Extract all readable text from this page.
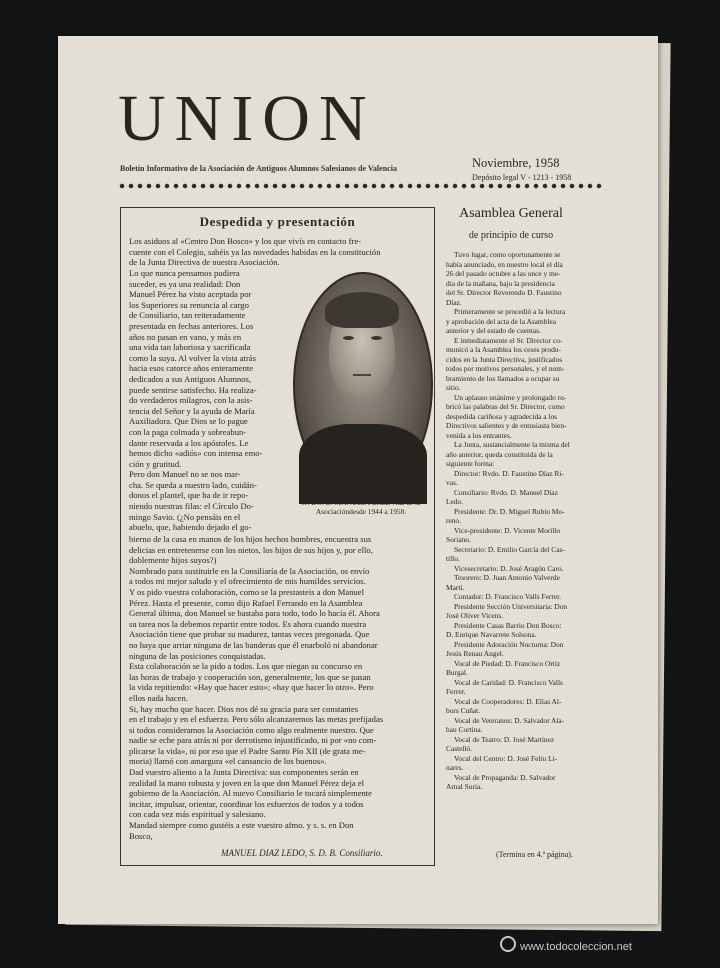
UNION
Boletín Informativo de la Asociación de Antiguos Alumnos Salesianos de Valencia	Noviembre, 1958
Depósito legal V - 1213 - 1958
Despedida y presentación
Los asiduos al «Centro Don Bosco» y los que vivís en contacto fre-
cuente con el Colegio, sabéis ya las novedades habidas en la constitución
de la Junta Directiva de nuestra Asociación.
Lo que nunca pensamos pudiera
suceder, es ya una realidad: Don
Manuel Pérez ha visto aceptada por
los Superiores su renuncia al cargo
de Consiliario, tan reiteradamente
presentada en fechas anteriores. Los
años no pasan en vano, y más en
una vida tan laboriosa y sacrificada
como la suya. Al volver la vista atrás
hacia esos catorce años enteramente
dedicados a sus Antiguos Alumnos,
puede sentirse satisfecho. Ha realiza-
do verdaderos milagros, con la asis-
tencia del Señor y la ayuda de María
Auxiliadora. Que Dios se lo pague
con la paga colmada y sobreabun-
dante reservada a los apóstoles. Le
hemos dicho «adiós» con intensa emo-
ción y gratitud.
Pero don Manuel no se nos mar-
cha. Se queda a nuestro lado, cuidán-
donos el plantel, que ha de ir repo-
niendo nuestras filas: el Círculo Do-
mingo Savio. (¿No pensáis en el
abuelo, que, habiendo dejado el go-
RVDO. D. MANUEL PEREZVida de la Asociacióndesde 1944 a 1958.
bierno de la casa en manos de los hijos hechos hombres, encuentra sus
delicias en entretenerse con los nietos, los hijos de sus hijos y, por ello,
doblemente hijos suyos?)
Nombrado para sustituirle en la Consiliaría de la Asociación, os envío
a todos mi mejor saludo y el ofrecimiento de mis humildes servicios.
Y os pido vuestra colaboración, como se la prestasteis a don Manuel
Pérez. Hasta el presente, como dijo Rafael Ferrando en la Asamblea
General última, don Manuel se bastaba para todo, todo lo hacía él. Ahora
su tarea nos la debemos repartir entre todos. Es ahora cuando nuestra
Asociación tiene que probar su madurez, tantas veces pregonada. Que
no haya que arriar ninguna de las banderas que él enarboló ni abandonar
ninguna de las posiciones conquistadas.
Esta colaboración se la pido a todos. Los que niegan su concurso en
las horas de trabajo y cooperación son, generalmente, los que se pasan
la vida repitiendo: «Hay que hacer esto»; «hay que hacer lo otro». Pero
ellos nada hacen.
Si, hay mucho que hacer. Dios nos dé su gracia para ser constantes
en el trabajo y en el esfuerzo. Pero sólo alcanzaremos las metas prefijadas
si todos consideramos la Asociación como algo realmente nuestro. Que
nadie se eche para atrás ni por derrotismo injustificado, ni por «no com-
plicarse la vida», ni por eso que el Padre Santo Pío XII (de grata me-
moria) llamó con amargura «el cansancio de los buenos».
Dad vuestro aliento a la Junta Directiva: sus componentes serán en
realidad la mano robusta y joven en la que don Manuel Pérez deja el
gobierno de la Asociación. Al nuevo Consiliario le tocará simplemente
incitar, impulsar, orientar, coordinar los esfuerzos de todos y a todos
con cada vez más espiritual y salesiano.
Mandad siempre como gustéis a este vuestro afmo. y s. s. en Don
Bosco,
MANUEL DIAZ LEDO, S. D. B. Consiliario.
Asamblea General
de principio de curso
Tuvo lugar, como oportunamente se
había anunciado, en nuestro local el día
26 del pasado octubre a las once y me-
dia de la mañana, bajo la presidencia
del Sr. Director Reverendo D. Faustino
Díaz.
Primeramente se procedió a la lectura
y aprobación del acta de la Asamblea
anterior y del estado de cuentas.
E inmediatamente el Sr. Director co-
municó a la Asamblea los ceses produ-
cidos en la Junta Directiva, justificados
todos por motivos personales, y el nom-
bramiento de los llamados a ocupar su
sitio.
Un aplauso unánime y prolongado ru-
bricó las palabras del Sr. Director, como
despedida cariñosa y agradecida a los
Directivos salientes y de entusiasta bien-
venida a los entrantes.
La Junta, sustancialmente la misma del
año anterior, queda constituida de la
siguiente forma:
Director: Rvdo. D. Faustino Díaz Ri-
vas.
Consiliario: Rvdo. D. Manuel Díaz
Ledo.
Presidente: Dr. D. Miguel Rubio Mo-
reno.
Vice-presidente: D. Vicente Morillo
Soriano.
Secretario: D. Emilio García del Cas-
tillo.
Vicesecretario: D. José Aragón Caro.
Tesorero: D. Juan Antonio Valverde
Martí.
Contador: D. Francisco Valls Ferrer.
Presidente Sección Universitaria: Don
José Oliver Vicens.
Presidente Casas Barrio Don Bosco:
D. Enrique Navarrete Solsona.
Presidente Adoración Nocturna: Don
Jesús Renau Angel.
Vocal de Piedad: D. Francisco Ortiz
Burgal.
Vocal de Caridad: D. Francisco Valls
Ferrer.
Vocal de Cooperadores: D. Elías Al-
bors Cuñat.
Vocal de Veteranos: D. Salvador Ala-
bau Cortina.
Vocal de Teatro: D. José Martínez
Castelló.
Vocal del Centro: D. José Felíu Li-
nares.
Vocal de Propaganda: D. Salvador
Arnal Suria.
(Termina en 4.ª página).
www.todocoleccion.net
